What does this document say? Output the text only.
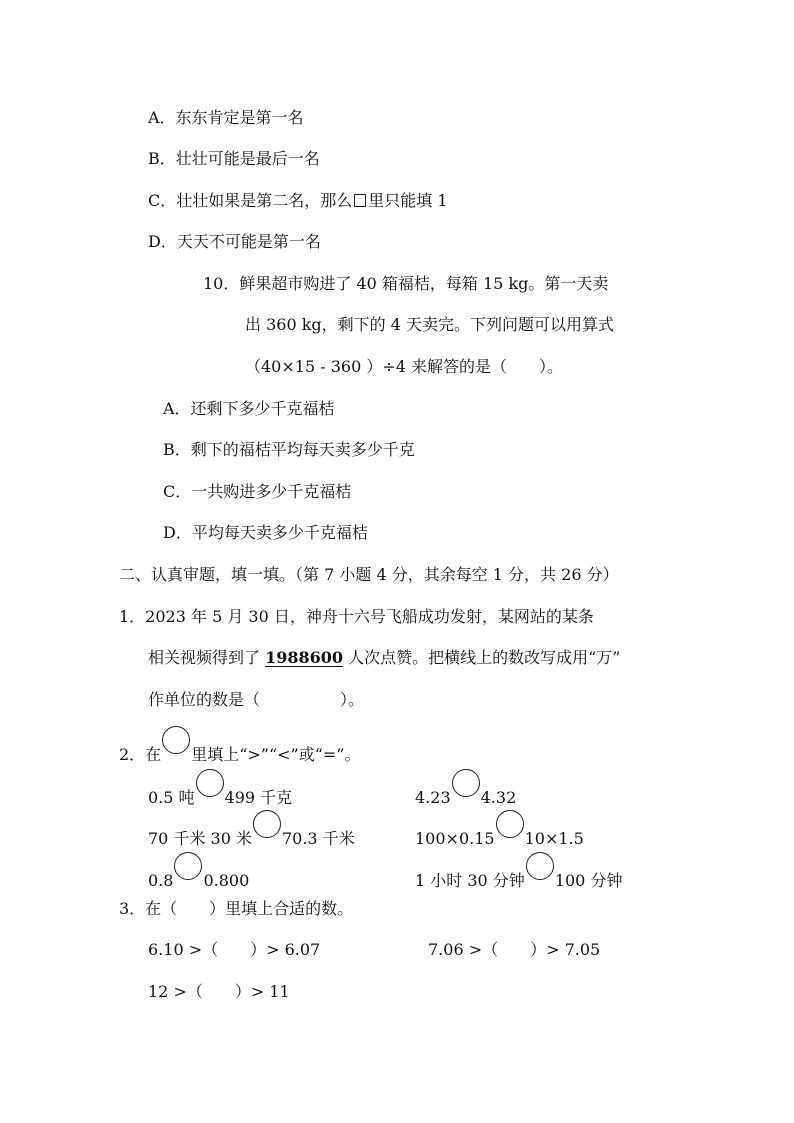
A．东东肯定是第一名
B．壮壮可能是最后一名
C．壮壮如果是第二名，那么 里只能填 1
D．天天不可能是第一名
10．鲜果超市购进了 40 箱福桔，每箱 15 kg。第一天卖
出 360 kg，剩下的 4 天卖完。下列问题可以用算式
（40×15 - 360 ）÷4 来解答的是（　　）。
A．还剩下多少千克福桔
B．剩下的福桔平均每天卖多少千克
C．一共购进多少千克福桔
D．平均每天卖多少千克福桔
二、认真审题，填一填。（第 7 小题 4 分，其余每空 1 分，共 26 分）
1．2023 年 5 月 30 日，神舟十六号飞船成功发射，某网站的某条
相关视频得到了 1988600 人次点赞。把横线上的数改写成用“万”
作单位的数是（　　　　　）。
2．在 里填上“>”“<”或“=”。
0.5 吨 499 千克	4.23 4.32
70 千米 30 米 70.3 千米	100×0.15 10×1.5
0.8 0.800	1 小时 30 分钟 100 分钟
3．在（　　）里填上合适的数。
6.10 >（　　）> 6.07	7.06 >（　　）> 7.05
12 >（　　）> 11
